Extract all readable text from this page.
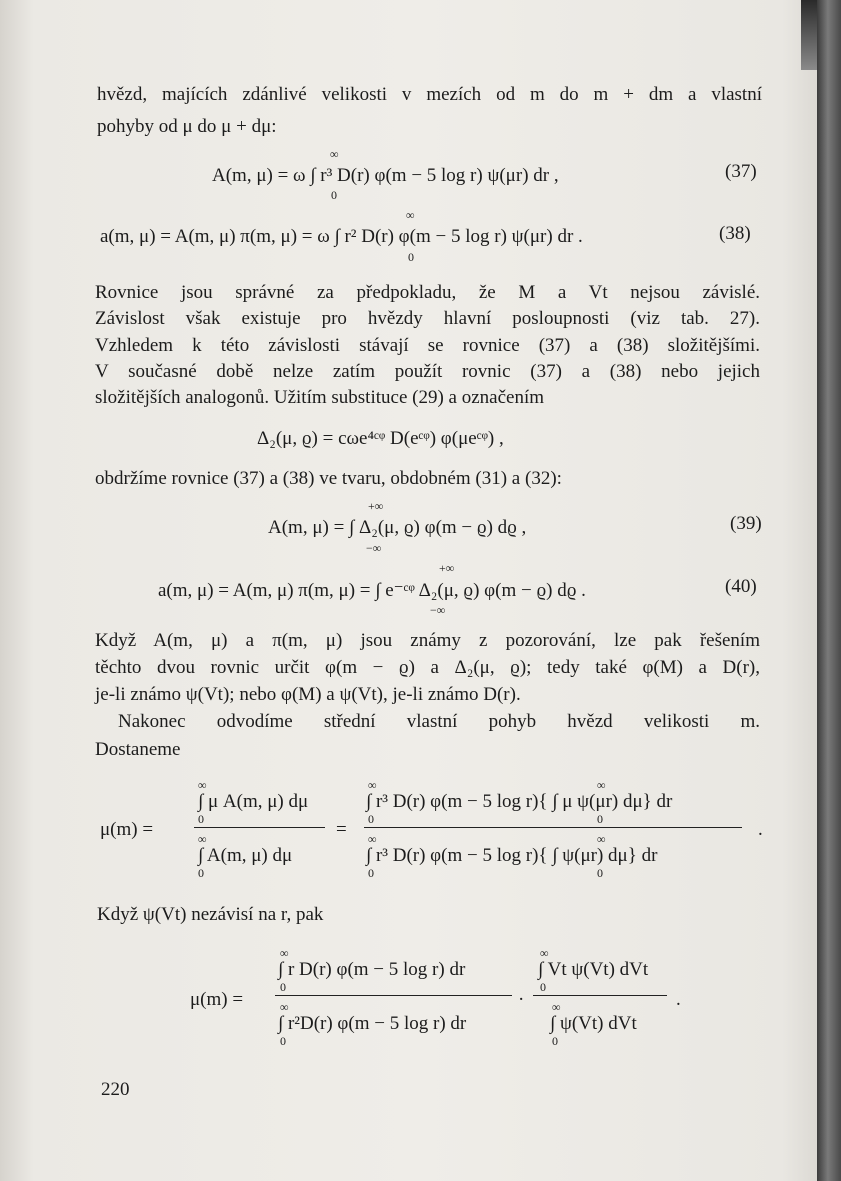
hvězd, majících zdánlivé velikosti v mezích od m do m + dm a vlastní
pohyby od μ do μ + dμ:
∞
A(m, μ) = ω ∫ r³ D(r) φ(m − 5 log r) ψ(μr) dr ,
0
(37)
∞
a(m, μ) = A(m, μ) π(m, μ) = ω ∫ r² D(r) φ(m − 5 log r) ψ(μr) dr .
0
(38)
Rovnice jsou správné za předpokladu, že M a Vt nejsou závislé.
Závislost však existuje pro hvězdy hlavní posloupnosti (viz tab. 27).
Vzhledem k této závislosti stávají se rovnice (37) a (38) složitějšími.
V současné době nelze zatím použít rovnic (37) a (38) nebo jejich
složitějších analogonů. Užitím substituce (29) a označením
Δ₂(μ, ϱ) = cωe⁴ᶜᵠ D(eᶜᵠ) φ(μeᶜᵠ) ,
obdržíme rovnice (37) a (38) ve tvaru, obdobném (31) a (32):
+∞
A(m, μ) = ∫ Δ₂(μ, ϱ) φ(m − ϱ) dϱ ,
−∞
(39)
+∞
a(m, μ) = A(m, μ) π(m, μ) = ∫ e⁻ᶜᵠ Δ₂(μ, ϱ) φ(m − ϱ) dϱ .
−∞
(40)
Když A(m, μ) a π(m, μ) jsou známy z pozorování, lze pak řešením
těchto dvou rovnic určit φ(m − ϱ) a Δ₂(μ, ϱ); tedy také φ(M) a D(r),
je-li známo ψ(Vt); nebo φ(M) a ψ(Vt), je-li známo D(r).
Nakonec odvodíme střední vlastní pohyb hvězd velikosti m.
Dostaneme
μ(m) =
∞
∫ μ A(m, μ) dμ
0
∞
∫ A(m, μ) dμ
0
=
∞	∞
∫ r³ D(r) φ(m − 5 log r){ ∫ μ ψ(μr) dμ} dr
0	0
∞	∞
∫ r³ D(r) φ(m − 5 log r){ ∫ ψ(μr) dμ} dr
0	0
.
Když ψ(Vt) nezávisí na r, pak
μ(m) =
∞
∫ r D(r) φ(m − 5 log r) dr
0
∞
∫ r²D(r) φ(m − 5 log r) dr
0
·
∞
∫ Vt ψ(Vt) dVt
0
∞
∫ ψ(Vt) dVt
0
.
220
